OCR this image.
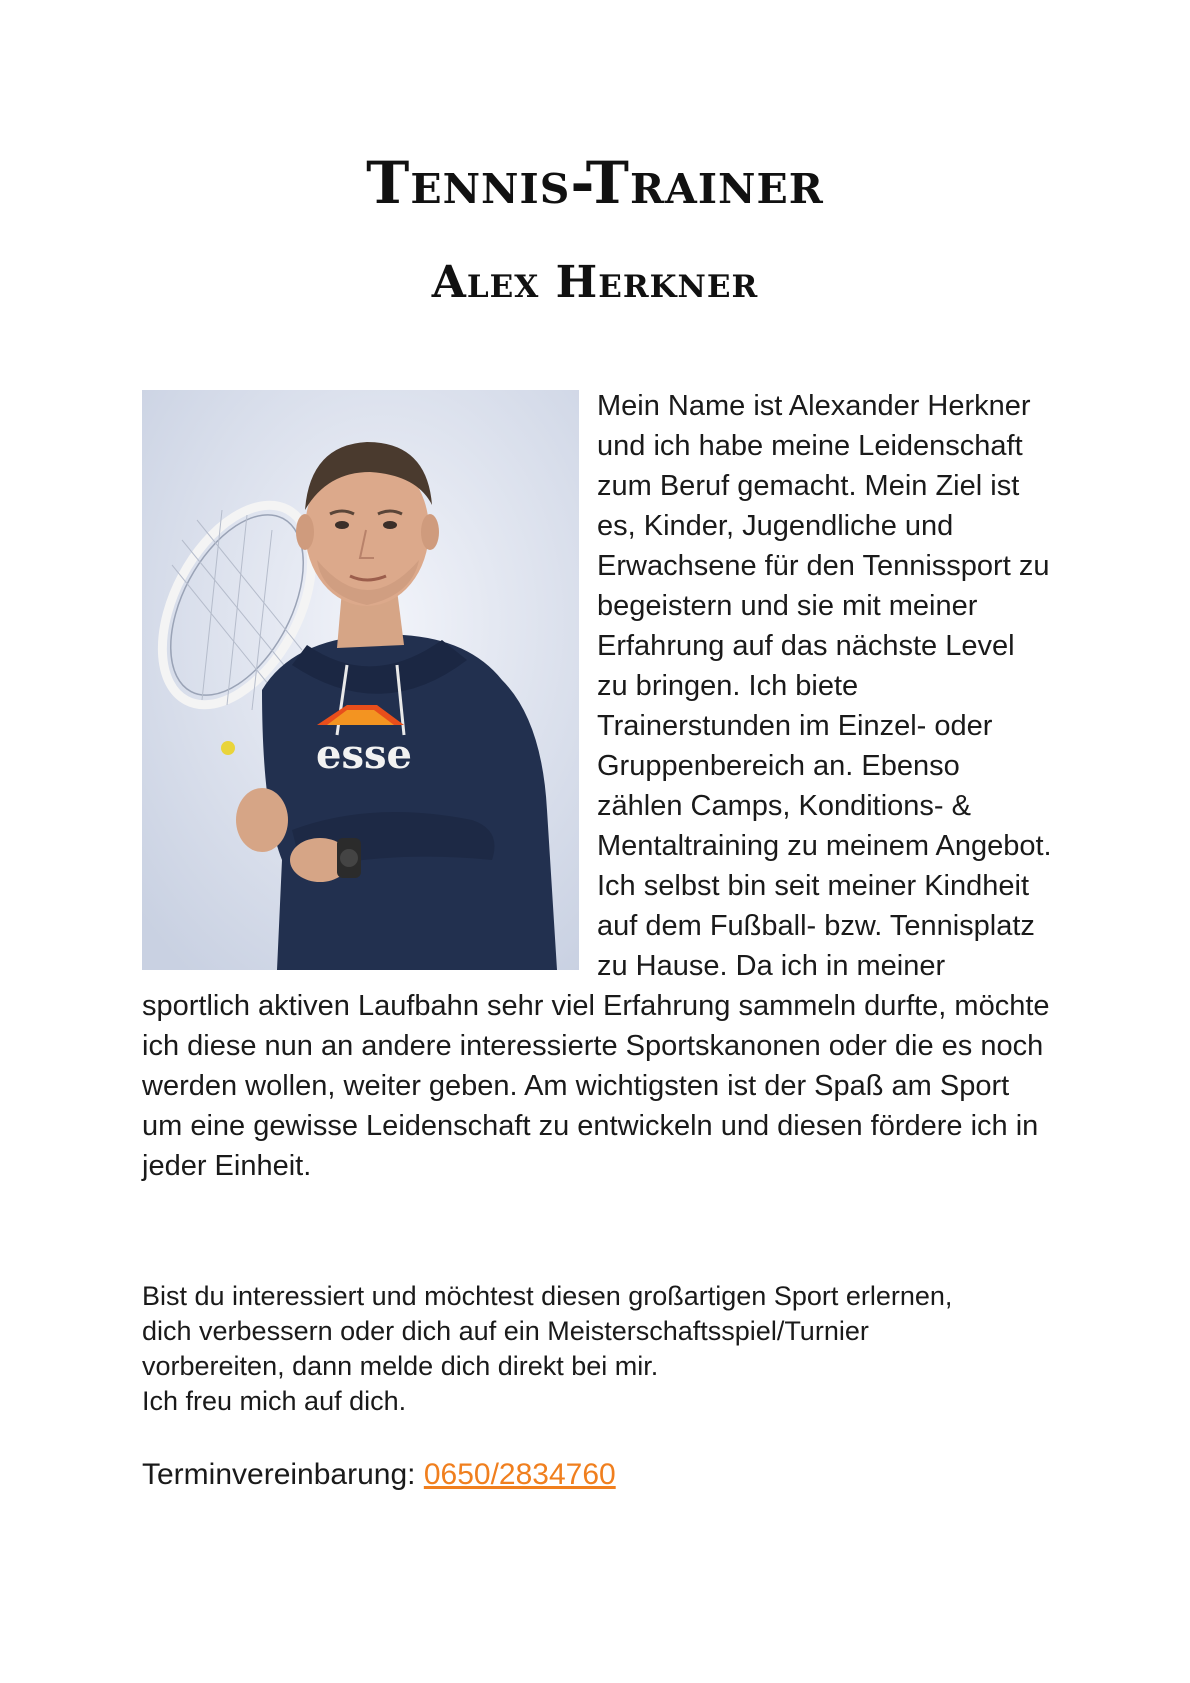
Tennis-Trainer
Alex Herkner
esse

Mein Name ist Alexander Herkner und ich habe meine Leidenschaft zum Beruf gemacht. Mein Ziel ist es, Kinder, Jugendliche und Erwachsene für den Tennissport zu begeistern und sie mit meiner Erfahrung auf das nächste Level zu bringen. Ich biete Trainerstunden im Einzel- oder Gruppenbereich an. Ebenso zählen Camps, Konditions- & Mentaltraining zu meinem Angebot. Ich selbst bin seit meiner Kindheit auf dem Fußball- bzw. Tennisplatz zu Hause. Da ich in meiner sportlich aktiven Laufbahn sehr viel Erfahrung sammeln durfte, möchte ich diese nun an andere interessierte Sportskanonen oder die es noch werden wollen, weiter geben. Am wichtigsten ist der Spaß am Sport um eine gewisse Leidenschaft zu entwickeln und diesen fördere ich in jeder Einheit.

Bist du interessiert und möchtest diesen großartigen Sport erlernen,

dich verbessern oder dich auf ein Meisterschaftsspiel/Turnier

vorbereiten, dann melde dich direkt bei mir.

Ich freu mich auf dich.

Terminvereinbarung: 0650/2834760
